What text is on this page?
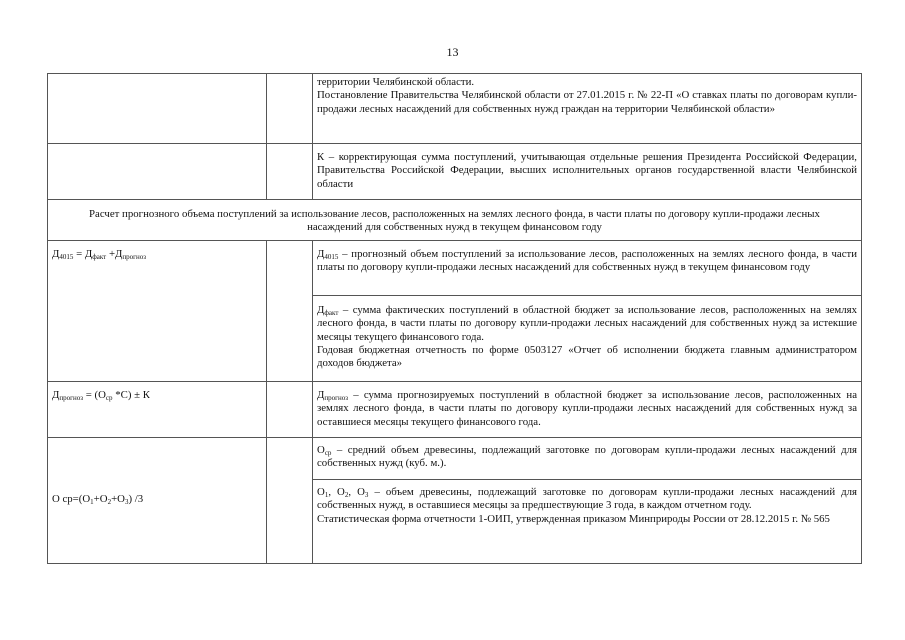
13

		территории Челябинской области.

Постановление Правительства Челябинской области от 27.01.2015 г. № 22-П «О ставках платы по договорам купли-продажи лесных насаждений для собственных нужд граждан на территории Челябинской области»

		К – корректирующая сумма поступлений, учитывающая отдельные решения Президента Российской Федерации, Правительства Российской Федерации, высших исполнительных органов государственной власти Челябинской области

Расчет прогнозного объема поступлений за использование лесов, расположенных на землях лесного фонда, в части платы по договору купли-продажи лесных насаждений для собственных нужд в текущем финансовом году		
$Д_{4015} = Д_{факт} +Д_{прогноз}$		$Д_{4015}$ – прогнозный объем поступлений за использование лесов, расположенных на землях лесного фонда, в части платы по договору купли-продажи лесных насаждений для собственных нужд в текущем финансовом году

		$Д_{факт}$ – сумма фактических поступлений в областной бюджет за использование лесов, расположенных на землях лесного фонда, в части платы по договору купли-продажи лесных насаждений для собственных нужд за истекшие месяцы текущего финансового года.

Годовая бюджетная отчетность по форме 0503127 «Отчет об исполнении бюджета главным администратором доходов бюджета»

$Д_{прогноз} = (О_{ср}$ *С) ± К		$Д_{прогноз}$ – сумма прогнозируемых поступлений в областной бюджет за использование лесов, расположенных на землях лесного фонда, в части платы по договору купли-продажи лесных насаждений для собственных нужд за оставшиеся месяцы текущего финансового года.

О $ср=(О_1+О_2+О_3)$ /3		$О_{ср}$ – средний объем древесины, подлежащий заготовке по договорам купли-продажи лесных насаждений для собственных нужд (куб. м.).

		$О_1$, $О_2$, $О_3$ – объем древесины, подлежащий заготовке по договорам купли-продажи лесных насаждений для собственных нужд, в оставшиеся месяцы за предшествующие 3 года, в каждом отчетном году.

Статистическая форма отчетности 1-ОИП, утвержденная приказом Минприроды России от 28.12.2015 г. № 565
